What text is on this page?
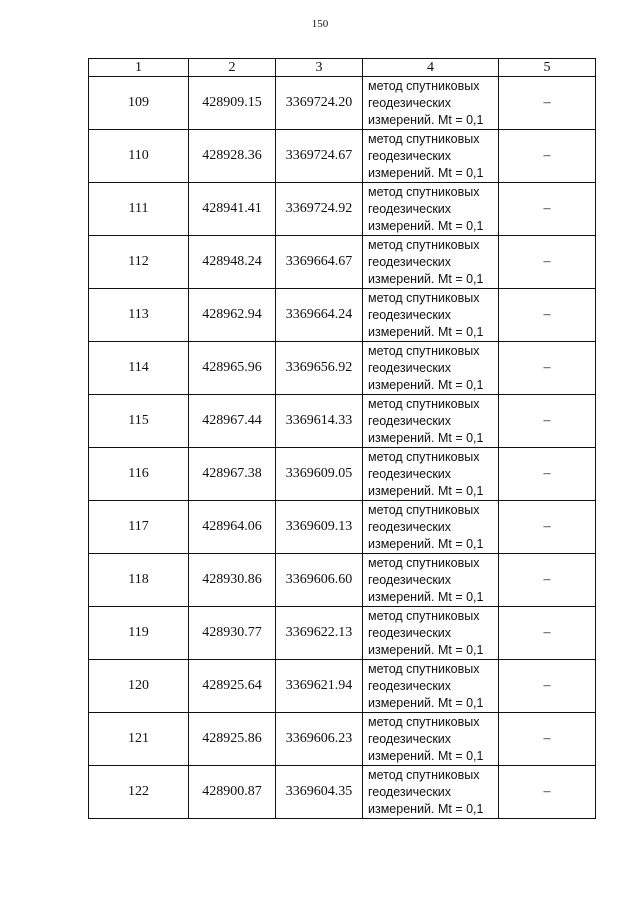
150
1	2	3	4	5
109	428909.15	3369724.20	метод спутниковых
геодезических
измерений. Mt = 0,1	–
110	428928.36	3369724.67	метод спутниковых
геодезических
измерений. Mt = 0,1	–
111	428941.41	3369724.92	метод спутниковых
геодезических
измерений. Mt = 0,1	–
112	428948.24	3369664.67	метод спутниковых
геодезических
измерений. Mt = 0,1	–
113	428962.94	3369664.24	метод спутниковых
геодезических
измерений. Mt = 0,1	–
114	428965.96	3369656.92	метод спутниковых
геодезических
измерений. Mt = 0,1	–
115	428967.44	3369614.33	метод спутниковых
геодезических
измерений. Mt = 0,1	–
116	428967.38	3369609.05	метод спутниковых
геодезических
измерений. Mt = 0,1	–
117	428964.06	3369609.13	метод спутниковых
геодезических
измерений. Mt = 0,1	–
118	428930.86	3369606.60	метод спутниковых
геодезических
измерений. Mt = 0,1	–
119	428930.77	3369622.13	метод спутниковых
геодезических
измерений. Mt = 0,1	–
120	428925.64	3369621.94	метод спутниковых
геодезических
измерений. Mt = 0,1	–
121	428925.86	3369606.23	метод спутниковых
геодезических
измерений. Mt = 0,1	–
122	428900.87	3369604.35	метод спутниковых
геодезических
измерений. Mt = 0,1	–
